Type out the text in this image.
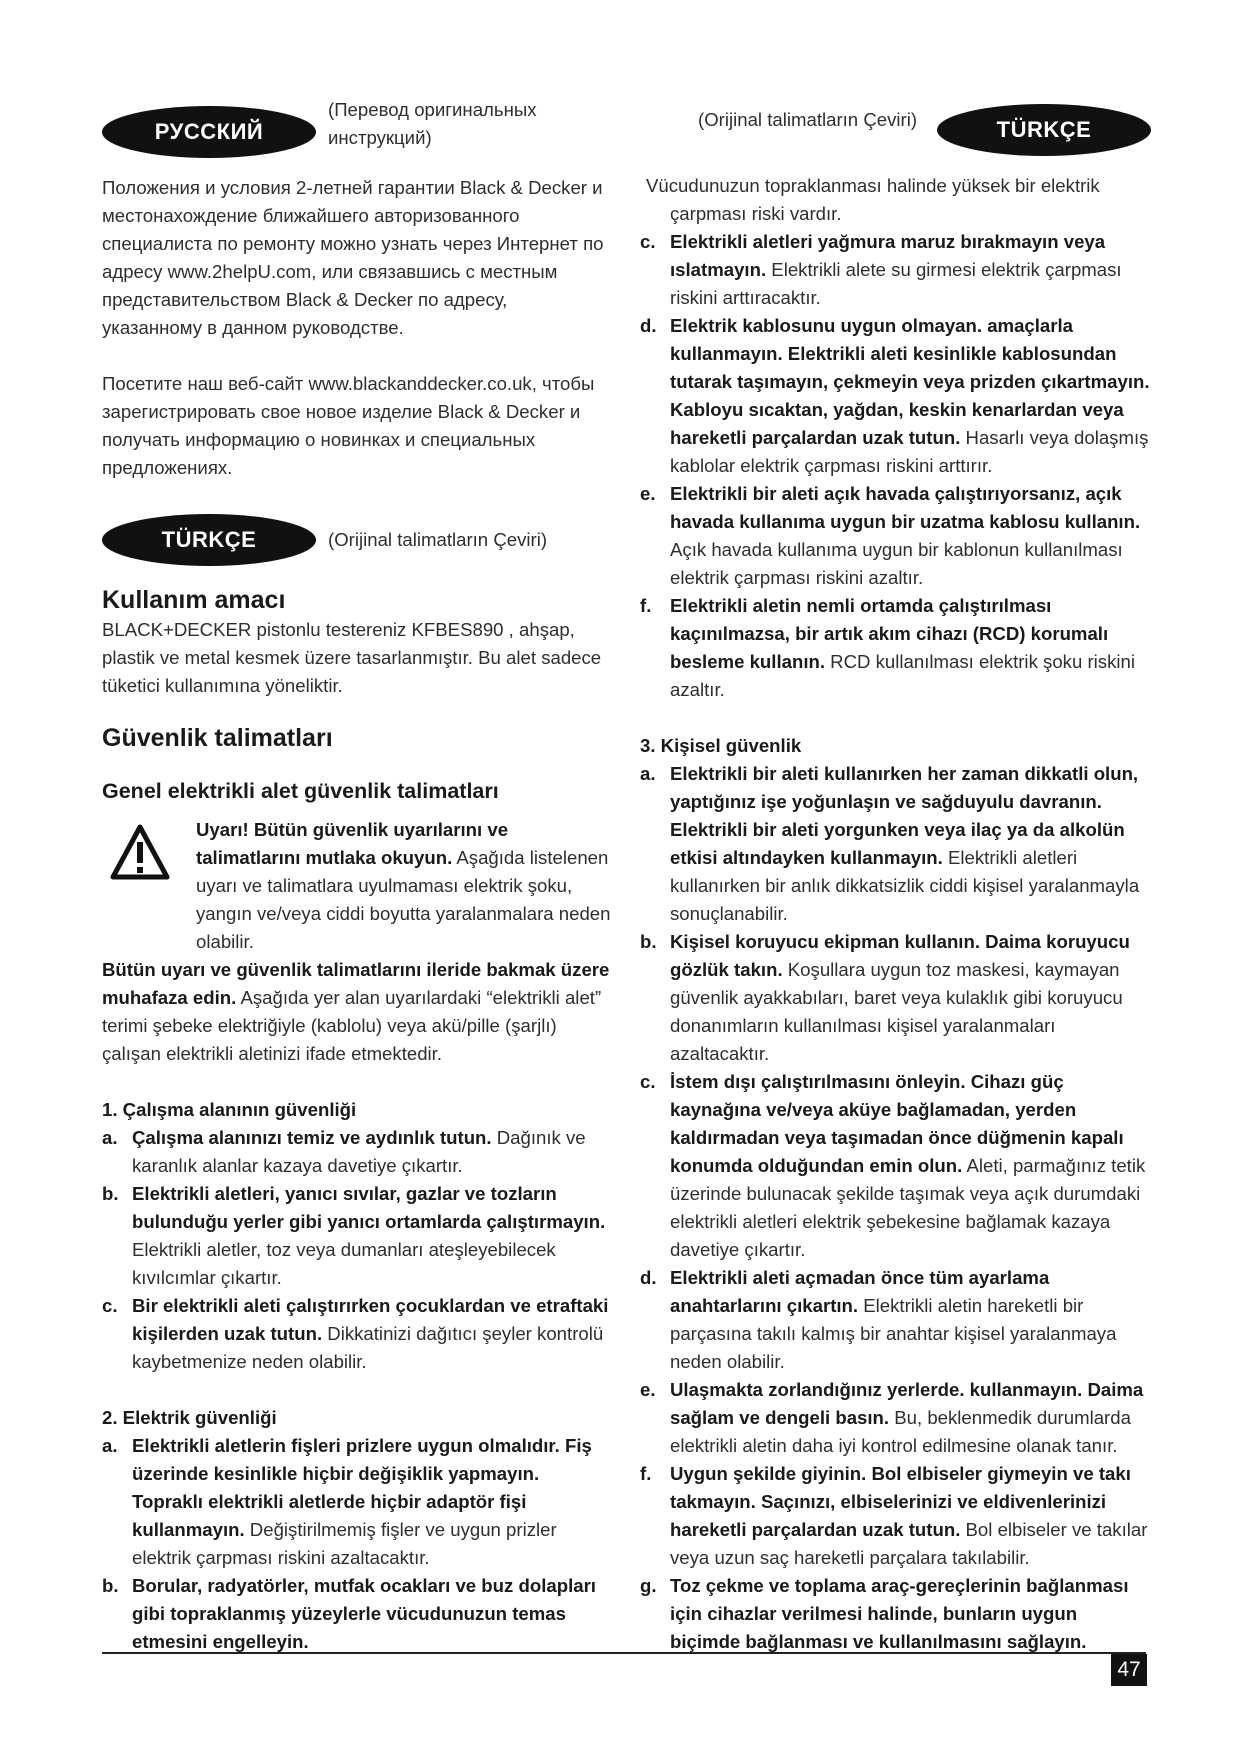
РУССКИЙ

(Перевод оригинальных инструкций)

Положения и условия 2-летней гарантии Black & Decker и местонахождение ближайшего авторизованного специалиста по ремонту можно узнать через Интернет по адресу www.2helpU.com, или связавшись с местным представительством Black & Decker по адресу, указанному в данном руководстве.

Посетите наш веб-сайт www.blackanddecker.co.uk, чтобы зарегистрировать свое новое изделие Black & Decker и получать информацию о новинках и специальных предложениях.

TÜRKÇE	(Orijinal talimatların Çeviri)

Kullanım amacı

BLACK+DECKER pistonlu testereniz KFBES890 , ahşap, plastik ve metal kesmek üzere tasarlanmıştır. Bu alet sadece tüketici kullanımına yöneliktir.

Güvenlik talimatları
Genel elektrikli alet güvenlik talimatları

Uyarı! Bütün güvenlik uyarılarını ve talimatlarını mutlaka okuyun. Aşağıda listelenen uyarı ve talimatlara uyulmaması elektrik şoku, yangın ve/veya ciddi boyutta yaralanmalara neden olabilir.

Bütün uyarı ve güvenlik talimatlarını ileride bakmak üzere muhafaza edin. Aşağıda yer alan uyarılardaki “elektrikli alet” terimi şebeke elektriğiyle (kablolu) veya akü/pille (şarjlı) çalışan elektrikli aletinizi ifade etmektedir.

1. Çalışma alanının güvenliği

a. Çalışma alanınızı temiz ve aydınlık tutun. Dağınık ve karanlık alanlar kazaya davetiye çıkartır.
b. Elektrikli aletleri, yanıcı sıvılar, gazlar ve tozların bulunduğu yerler gibi yanıcı ortamlarda çalıştırmayın. Elektrikli aletler, toz veya dumanları ateşleyebilecek kıvılcımlar çıkartır.
c. Bir elektrikli aleti çalıştırırken çocuklardan ve etraftaki kişilerden uzak tutun. Dikkatinizi dağıtıcı şeyler kontrolü kaybetmenize neden olabilir.

2. Elektrik güvenliği

a. Elektrikli aletlerin fişleri prizlere uygun olmalıdır. Fiş üzerinde kesinlikle hiçbir değişiklik yapmayın. Topraklı elektrikli aletlerde hiçbir adaptör fişi kullanmayın. Değiştirilmemiş fişler ve uygun prizler elektrik çarpması riskini azaltacaktır.
b. Borular, radyatörler, mutfak ocakları ve buz dolapları gibi topraklanmış yüzeylerle vücudunuzun temas etmesini engelleyin.

(Orijinal talimatların Çeviri)	TÜRKÇE

Vücudunuzun topraklanması halinde yüksek bir elektrik çarpması riski vardır.

c. Elektrikli aletleri yağmura maruz bırakmayın veya ıslatmayın. Elektrikli alete su girmesi elektrik çarpması riskini arttıracaktır.
d. Elektrik kablosunu uygun olmayan. amaçlarla kullanmayın. Elektrikli aleti kesinlikle kablosundan tutarak taşımayın, çekmeyin veya prizden çıkartmayın. Kabloyu sıcaktan, yağdan, keskin kenarlardan veya hareketli parçalardan uzak tutun. Hasarlı veya dolaşmış kablolar elektrik çarpması riskini arttırır.
e. Elektrikli bir aleti açık havada çalıştırıyorsanız, açık havada kullanıma uygun bir uzatma kablosu kullanın. Açık havada kullanıma uygun bir kablonun kullanılması elektrik çarpması riskini azaltır.
f. Elektrikli aletin nemli ortamda çalıştırılması kaçınılmazsa, bir artık akım cihazı (RCD) korumalı besleme kullanın. RCD kullanılması elektrik şoku riskini azaltır.

3. Kişisel güvenlik

a. Elektrikli bir aleti kullanırken her zaman dikkatli olun, yaptığınız işe yoğunlaşın ve sağduyulu davranın. Elektrikli bir aleti yorgunken veya ilaç ya da alkolün etkisi altındayken kullanmayın. Elektrikli aletleri kullanırken bir anlık dikkatsizlik ciddi kişisel yaralanmayla sonuçlanabilir.
b. Kişisel koruyucu ekipman kullanın. Daima koruyucu gözlük takın. Koşullara uygun toz maskesi, kaymayan güvenlik ayakkabıları, baret veya kulaklık gibi koruyucu donanımların kullanılması kişisel yaralanmaları azaltacaktır.
c. İstem dışı çalıştırılmasını önleyin. Cihazı güç kaynağına ve/veya aküye bağlamadan, yerden kaldırmadan veya taşımadan önce düğmenin kapalı konumda olduğundan emin olun. Aleti, parmağınız tetik üzerinde bulunacak şekilde taşımak veya açık durumdaki elektrikli aletleri elektrik şebekesine bağlamak kazaya davetiye çıkartır.
d. Elektrikli aleti açmadan önce tüm ayarlama anahtarlarını çıkartın. Elektrikli aletin hareketli bir parçasına takılı kalmış bir anahtar kişisel yaralanmaya neden olabilir.
e. Ulaşmakta zorlandığınız yerlerde. kullanmayın. Daima sağlam ve dengeli basın. Bu, beklenmedik durumlarda elektrikli aletin daha iyi kontrol edilmesine olanak tanır.
f. Uygun şekilde giyinin. Bol elbiseler giymeyin ve takı takmayın. Saçınızı, elbiselerinizi ve eldivenlerinizi hareketli parçalardan uzak tutun. Bol elbiseler ve takılar veya uzun saç hareketli parçalara takılabilir.
g. Toz çekme ve toplama araç-gereçlerinin bağlanması için cihazlar verilmesi halinde, bunların uygun biçimde bağlanması ve kullanılmasını sağlayın.
47
